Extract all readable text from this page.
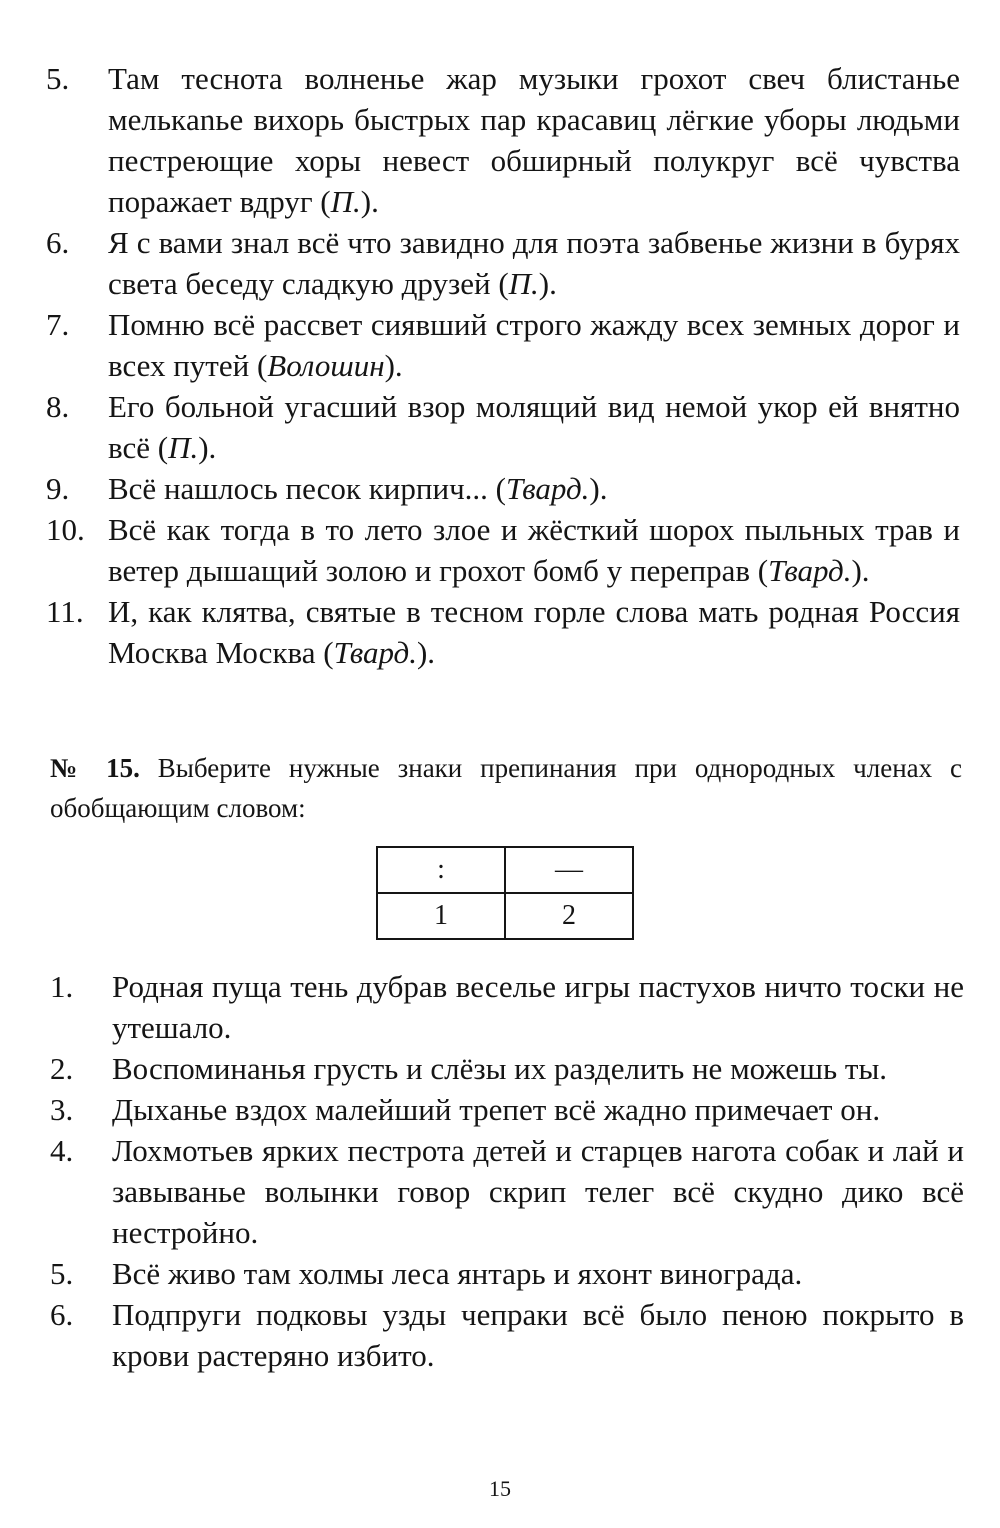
5.	Там теснота волненье жар музыки грохот свеч блистанье мелькanье вихорь быстрых пар красавиц лёгкие уборы людьми пестреющие хоры невест обширный полукруг всё чувства поражает вдруг (П.).
6.	Я с вами знал всё что завидно для поэта забвенье жизни в бурях света беседу сладкую друзей (П.).
7.	Помню всё рассвет сиявший строго жажду всех земных дорог и всех путей (Волошин).
8.	Его больной угасший взор молящий вид немой укор ей внятно всё (П.).
9.	Всё нашлось песок кирпич... (Твард.).
10. Всё как тогда в то лето злое и жёсткий шорох пыльных трав и ветер дышащий золою и грохот бомб у переправ (Твард.).
11. И, как клятва, святые в тесном горле слова мать родная Россия Москва Москва (Твард.).
№ 15. Выберите нужные знаки препинания при однородных членах с обобщающим словом:
:	—
1	2
1.	Родная пуща тень дубрав веселье игры пастухов ничто тоски не утешало.
2.	Воспоминанья грусть и слёзы их разделить не можешь ты.
3.	Дыханье вздох малейший трепет всё жадно примечает он.
4.	Лохмотьев ярких пестрота детей и старцев нагота собак и лай и завыванье волынки говор скрип телег всё скудно дико всё нестройно.
5.	Всё живо там холмы леса янтарь и яхонт винограда.
6.	Подпруги подковы узды чепраки всё было пеною покрыто в крови растеряно избито.
15
